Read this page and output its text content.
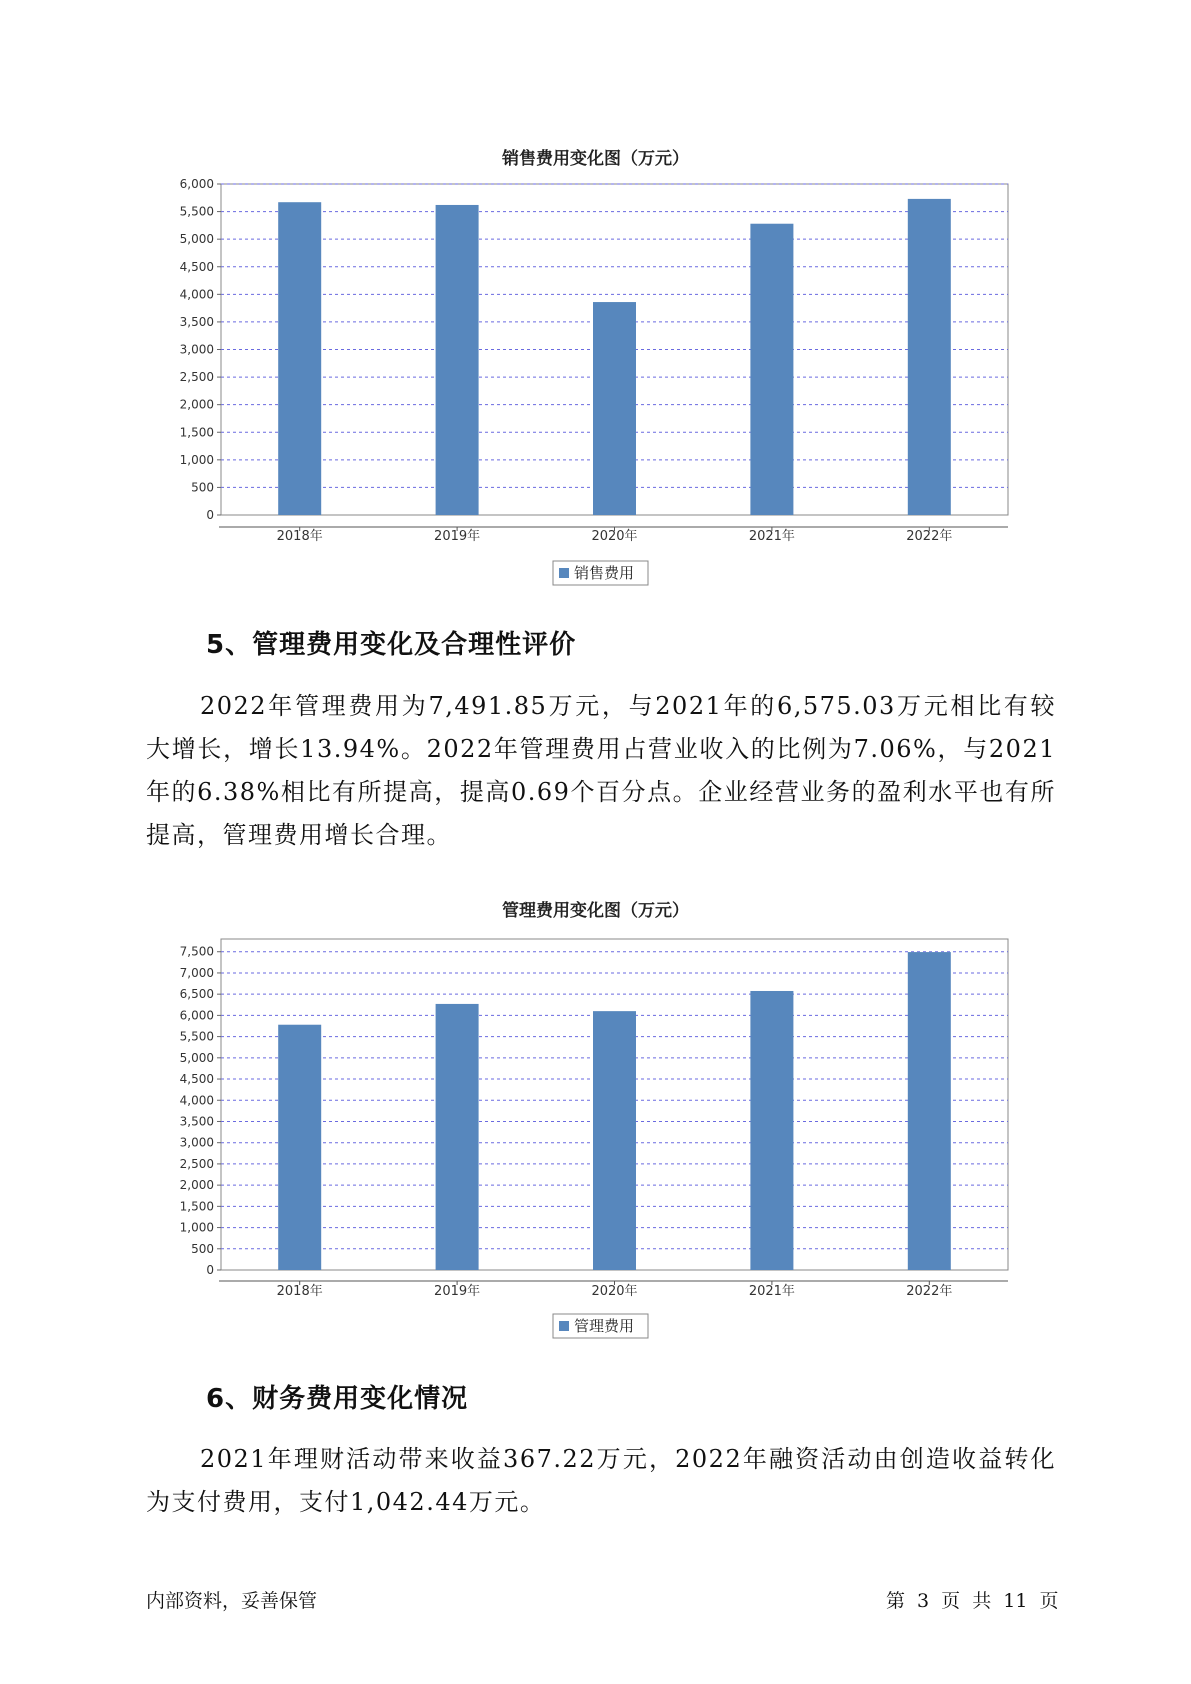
销售费用变化图（万元）
0
500
1,000
1,500
2,000
2,500
3,000
3,500
4,000
4,500
5,000
5,500
6,000
2018年	2019年	2020年	2021年	2022年
销售费用
5、管理费用变化及合理性评价
2022年管理费用为7,491.85万元，与2021年的6,575.03万元相比有较大增长，增长13.94%。2022年管理费用占营业收入的比例为7.06%，与2021年的6.38%相比有所提高，提高0.69个百分点。企业经营业务的盈利水平也有所提高，管理费用增长合理。
管理费用变化图（万元）
0
500
1,000
1,500
2,000
2,500
3,000
3,500
4,000
4,500
5,000
5,500
6,000
6,500
7,000
7,500
2018年	2019年	2020年	2021年	2022年
管理费用
6、财务费用变化情况
2021年理财活动带来收益367.22万元，2022年融资活动由创造收益转化为支付费用，支付1,042.44万元。
内部资料，妥善保管	第 3 页 共 11 页
